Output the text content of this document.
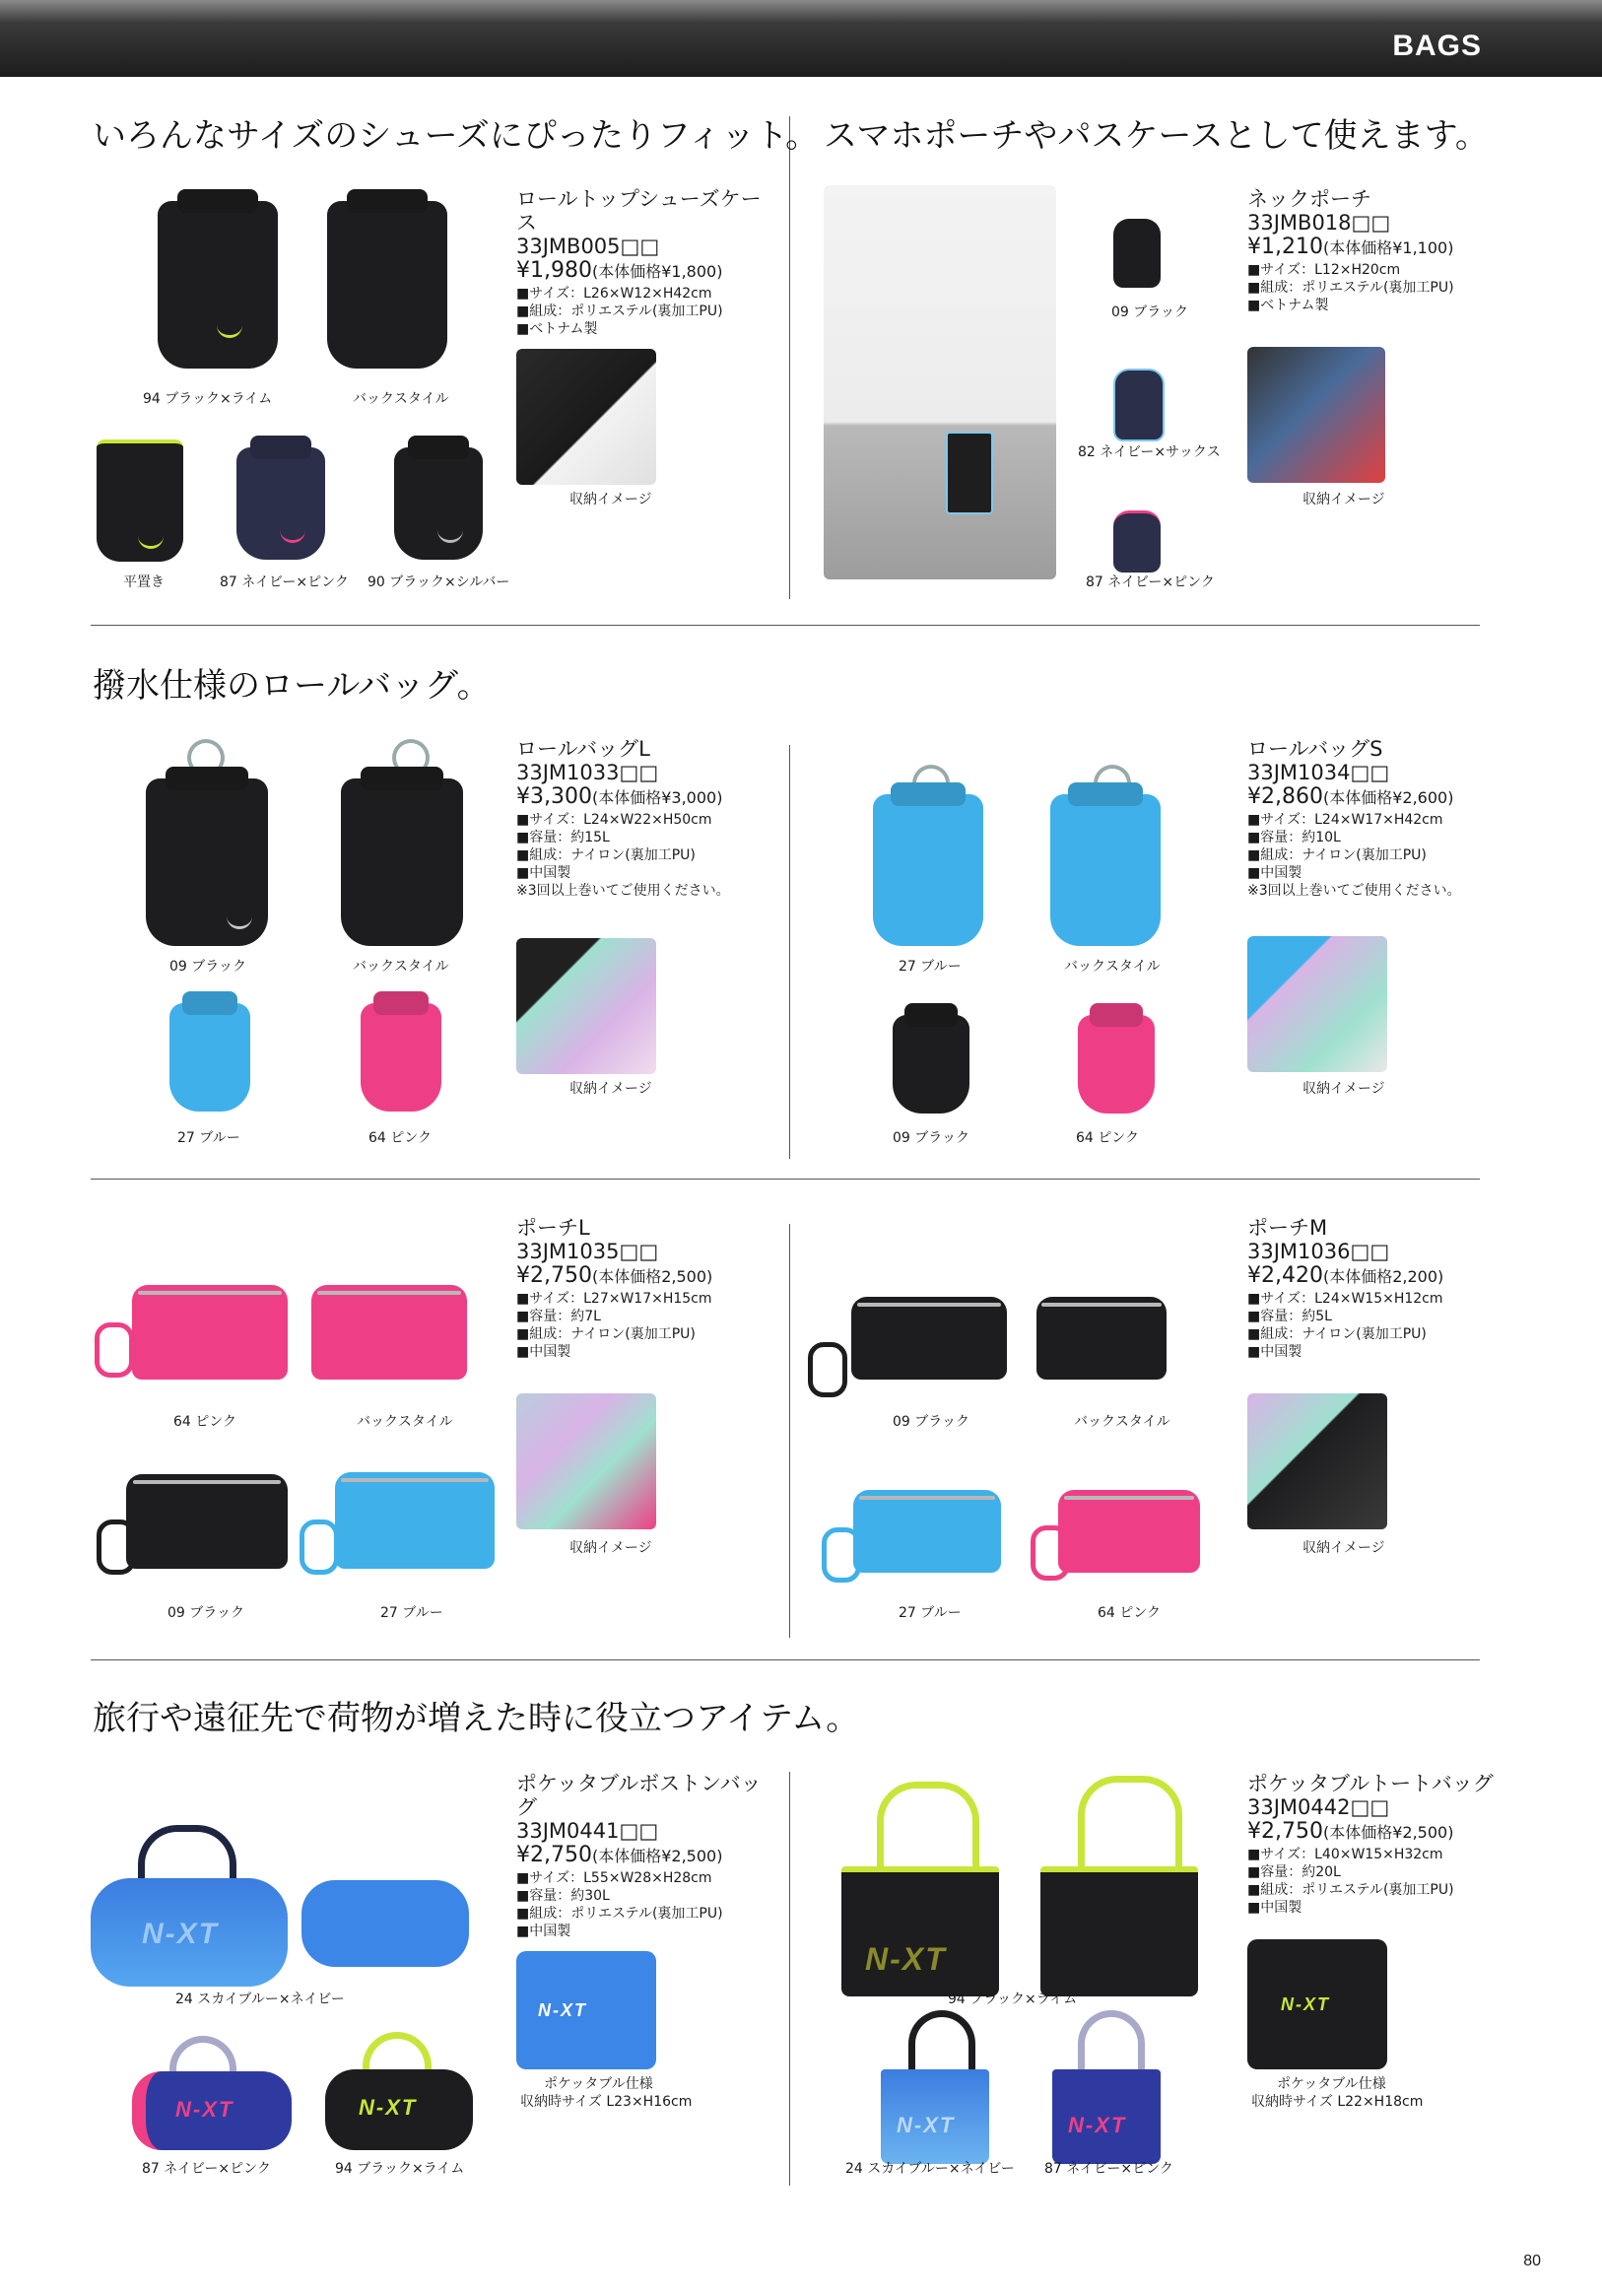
BAGS
いろんなサイズのシューズにぴったりフィット。 スマホポーチやパスケースとして使えます。
撥水仕様のロールバッグ。
旅行や遠征先で荷物が増えた時に役立つアイテム。
ロールトップシューズケース
33JMB005□□
¥1,980(本体価格¥1,800)
■サイズ：L26×W12×H42cm
■組成：ポリエステル(裏加工PU)
■ベトナム製
94 ブラック×ライム	バックスタイル
平置き	87 ネイビー×ピンク 90 ブラック×シルバー
収納イメージ
ネックポーチ
33JMB018□□
¥1,210(本体価格¥1,100)
■サイズ：L12×H20cm
■組成：ポリエステル(裏加工PU)
■ベトナム製
09 ブラック
82 ネイビー×サックス
87 ネイビー×ピンク
収納イメージ
ロールバッグL
33JM1033□□
¥3,300(本体価格¥3,000)
■サイズ：L24×W22×H50cm
■容量：約15L
■組成：ナイロン(裏加工PU)
■中国製
※3回以上巻いてご使用ください。
09 ブラック	バックスタイル
27 ブルー	64 ピンク
収納イメージ
ロールバッグS
33JM1034□□
¥2,860(本体価格¥2,600)
■サイズ：L24×W17×H42cm
■容量：約10L
■組成：ナイロン(裏加工PU)
■中国製
※3回以上巻いてご使用ください。
27 ブルー	バックスタイル
09 ブラック	64 ピンク
収納イメージ
ポーチL
33JM1035□□
¥2,750(本体価格2,500)
■サイズ：L27×W17×H15cm
■容量：約7L
■組成：ナイロン(裏加工PU)
■中国製
64 ピンク	バックスタイル
09 ブラック	27 ブルー
収納イメージ
ポーチM
33JM1036□□
¥2,420(本体価格2,200)
■サイズ：L24×W15×H12cm
■容量：約5L
■組成：ナイロン(裏加工PU)
■中国製
09 ブラック	バックスタイル
27 ブルー	64 ピンク
収納イメージ
N-XT
N-XT	N-XT
N-XT
ポケッタブルボストンバッグ
33JM0441□□
¥2,750(本体価格¥2,500)
■サイズ：L55×W28×H28cm
■容量：約30L
■組成：ポリエステル(裏加工PU)
■中国製
24 スカイブルー×ネイビー
87 ネイビー×ピンク	94 ブラック×ライム
ポケッタブル仕様
収納時サイズ L23×H16cm
N-XT
N-XT	N-XT
N-XT
ポケッタブルトートバッグ
33JM0442□□
¥2,750(本体価格¥2,500)
■サイズ：L40×W15×H32cm
■容量：約20L
■組成：ポリエステル(裏加工PU)
■中国製
94 ブラック×ライム
24 スカイブルー×ネイビー 87 ネイビー×ピンク
ポケッタブル仕様
収納時サイズ L22×H18cm
80
